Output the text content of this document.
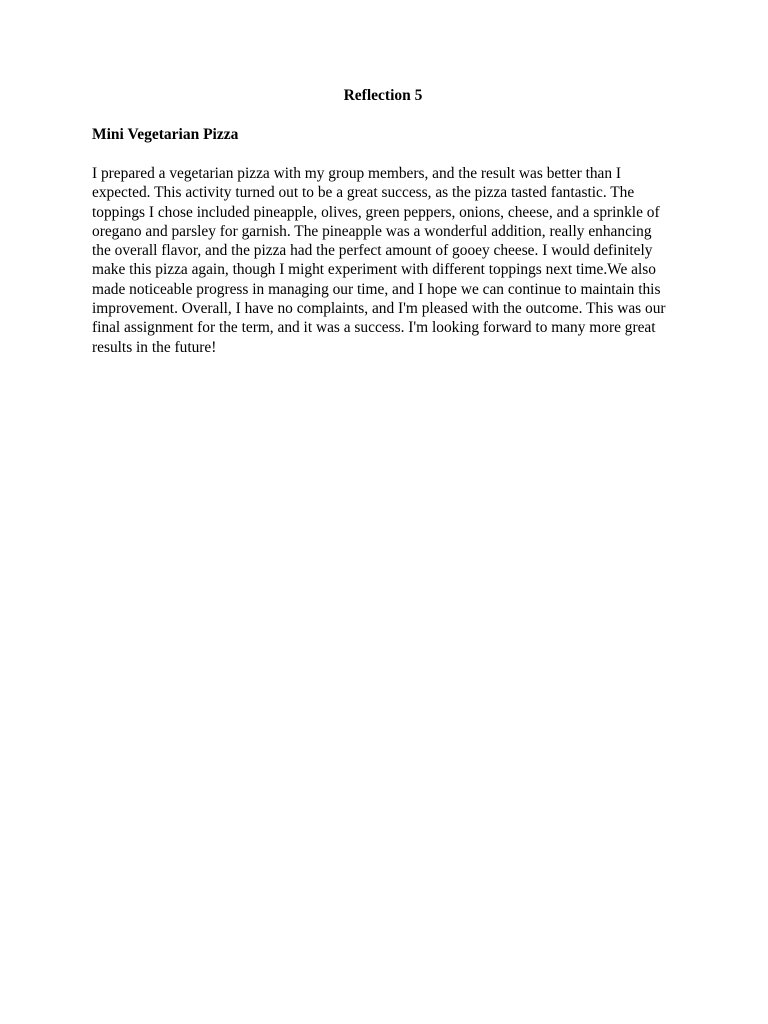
Reflection 5
Mini Vegetarian Pizza

I prepared a vegetarian pizza with my group members, and the result was better than I expected. This activity turned out to be a great success, as the pizza tasted fantastic. The toppings I chose included pineapple, olives, green peppers, onions, cheese, and a sprinkle of oregano and parsley for garnish. The pineapple was a wonderful addition, really enhancing the overall flavor, and the pizza had the perfect amount of gooey cheese. I would definitely make this pizza again, though I might experiment with different toppings next time.We also made noticeable progress in managing our time, and I hope we can continue to maintain this improvement. Overall, I have no complaints, and I'm pleased with the outcome. This was our final assignment for the term, and it was a success. I'm looking forward to many more great results in the future!
